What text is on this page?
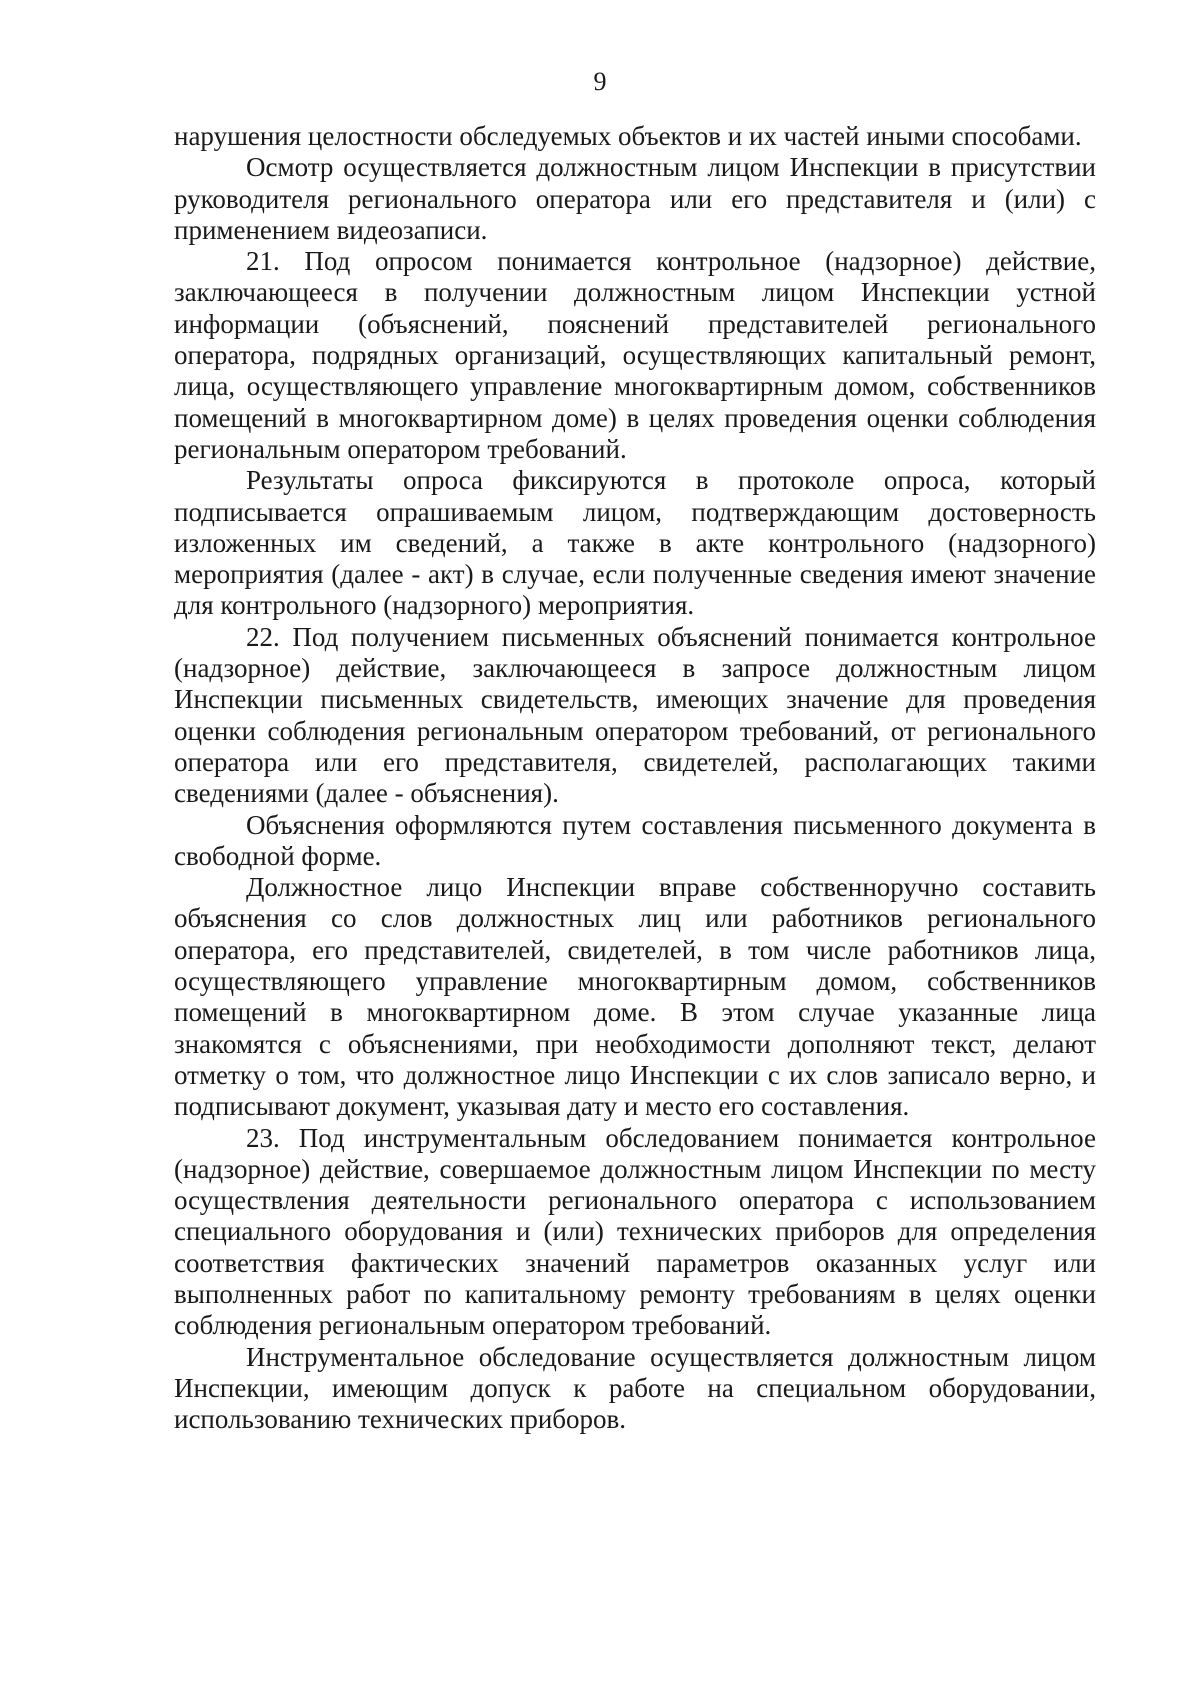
9

нарушения целостности обследуемых объектов и их частей иными способами.

Осмотр осуществляется должностным лицом Инспекции в присутствии руководителя регионального оператора или его представителя и (или) с применением видеозаписи.

21. Под опросом понимается контрольное (надзорное) действие, заключающееся в получении должностным лицом Инспекции устной информации (объяснений, пояснений представителей регионального оператора, подрядных организаций, осуществляющих капитальный ремонт, лица, осуществляющего управление многоквартирным домом, собственников помещений в многоквартирном доме) в целях проведения оценки соблюдения региональным оператором требований.

Результаты опроса фиксируются в протоколе опроса, который подписывается опрашиваемым лицом, подтверждающим достоверность изложенных им сведений, а также в акте контрольного (надзорного) мероприятия (далее - акт) в случае, если полученные сведения имеют значение для контрольного (надзорного) мероприятия.

22. Под получением письменных объяснений понимается контрольное (надзорное) действие, заключающееся в запросе должностным лицом Инспекции письменных свидетельств, имеющих значение для проведения оценки соблюдения региональным оператором требований, от регионального оператора или его представителя, свидетелей, располагающих такими сведениями (далее - объяснения).

Объяснения оформляются путем составления письменного документа в свободной форме.

Должностное лицо Инспекции вправе собственноручно составить объяснения со слов должностных лиц или работников регионального оператора, его представителей, свидетелей, в том числе работников лица, осуществляющего управление многоквартирным домом, собственников помещений в многоквартирном доме. В этом случае указанные лица знакомятся с объяснениями, при необходимости дополняют текст, делают отметку о том, что должностное лицо Инспекции с их слов записало верно, и подписывают документ, указывая дату и место его составления.

23. Под инструментальным обследованием понимается контрольное (надзорное) действие, совершаемое должностным лицом Инспекции по месту осуществления деятельности регионального оператора с использованием специального оборудования и (или) технических приборов для определения соответствия фактических значений параметров оказанных услуг или выполненных работ по капитальному ремонту требованиям в целях оценки соблюдения региональным оператором требований.

Инструментальное обследование осуществляется должностным лицом Инспекции, имеющим допуск к работе на специальном оборудовании, использованию технических приборов.
